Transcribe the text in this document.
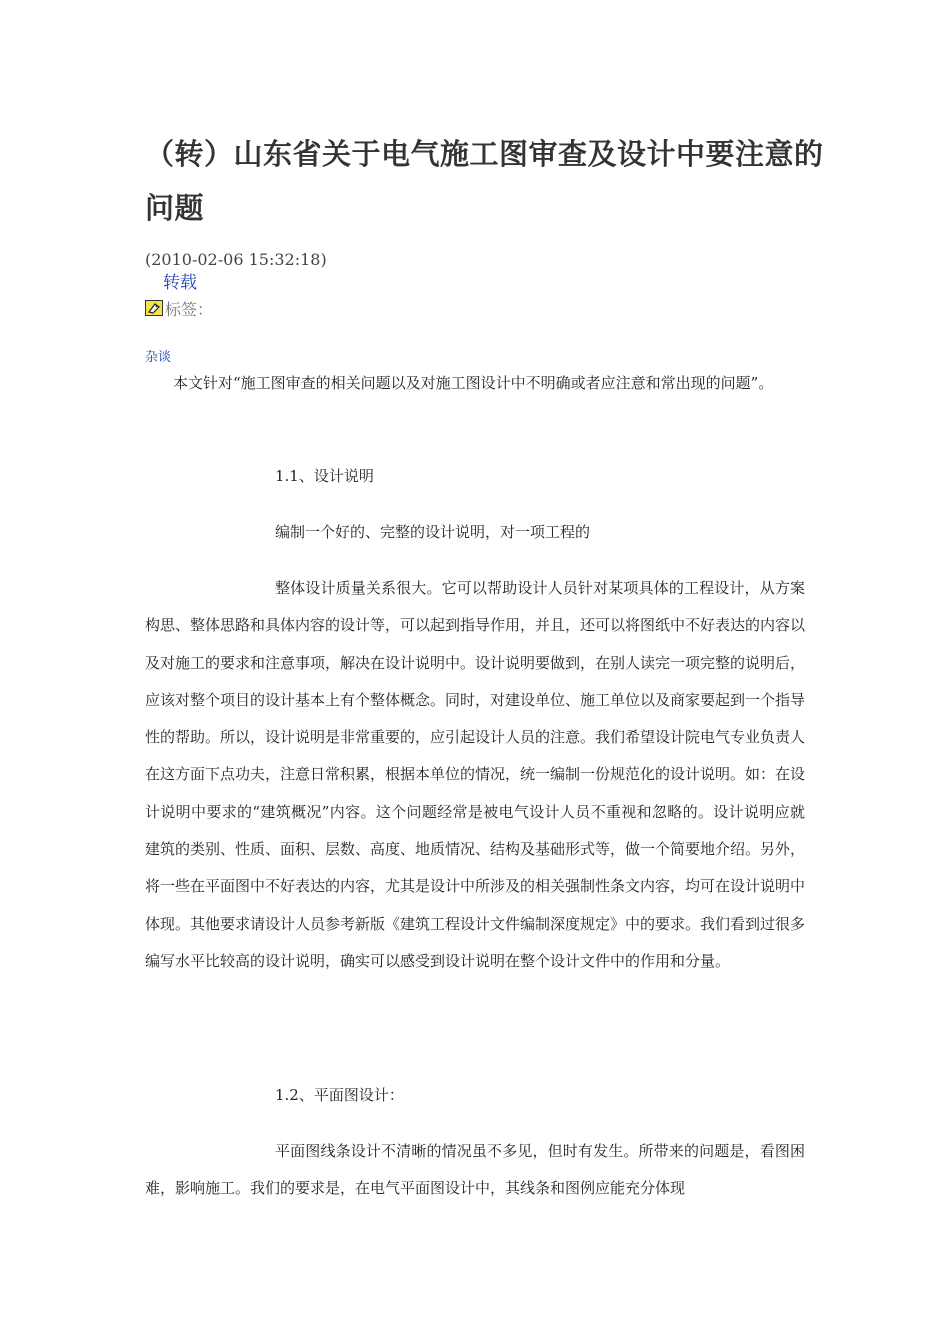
（转）山东省关于电气施工图审查及设计中要注意的问题
(2010-02-06 15:32:18)
转载
标签：
杂谈

本文针对“施工图审查的相关问题以及对施工图设计中不明确或者应注意和常出现的问题”。

1.1、设计说明

编制一个好的、完整的设计说明，对一项工程的

整体设计质量关系很大。它可以帮助设计人员针对某项具体的工程设计，从方案构思、整体思路和具体内容的设计等，可以起到指导作用，并且，还可以将图纸中不好表达的内容以及对施工的要求和注意事项，解决在设计说明中。设计说明要做到，在别人读完一项完整的说明后，应该对整个项目的设计基本上有个整体概念。同时，对建设单位、施工单位以及商家要起到一个指导性的帮助。所以，设计说明是非常重要的，应引起设计人员的注意。我们希望设计院电气专业负责人在这方面下点功夫，注意日常积累，根据本单位的情况，统一编制一份规范化的设计说明。如：在设计说明中要求的“建筑概况”内容。这个问题经常是被电气设计人员不重视和忽略的。设计说明应就建筑的类别、性质、面积、层数、高度、地质情况、结构及基础形式等，做一个简要地介绍。另外，将一些在平面图中不好表达的内容，尤其是设计中所涉及的相关强制性条文内容，均可在设计说明中体现。其他要求请设计人员参考新版《建筑工程设计文件编制深度规定》中的要求。我们看到过很多编写水平比较高的设计说明，确实可以感受到设计说明在整个设计文件中的作用和分量。

1.2、平面图设计：

平面图线条设计不清晰的情况虽不多见，但时有发生。所带来的问题是，看图困难，影响施工。我们的要求是，在电气平面图设计中，其线条和图例应能充分体现
